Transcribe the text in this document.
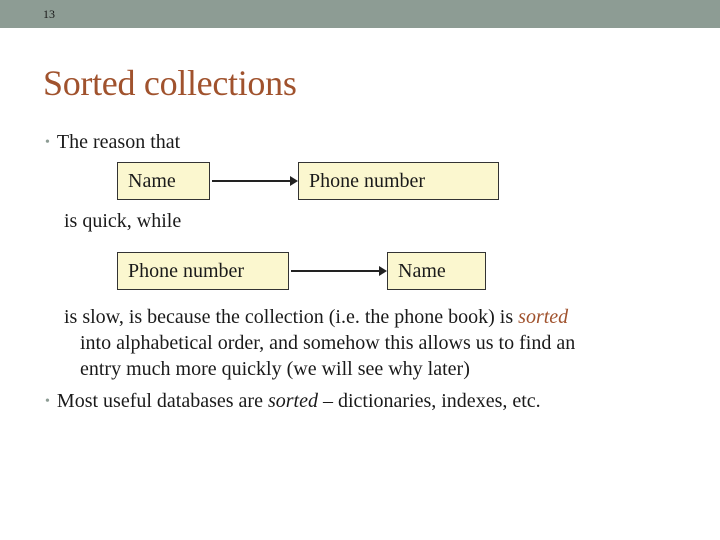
13
Sorted collections
• The reason that
Name	Phone number
is quick, while
Phone number	Name
is slow, is because the collection (i.e. the phone book) is sorted
into alphabetical order, and somehow this allows us to find an
entry much more quickly (we will see why later)
• Most useful databases are sorted – dictionaries, indexes, etc.
